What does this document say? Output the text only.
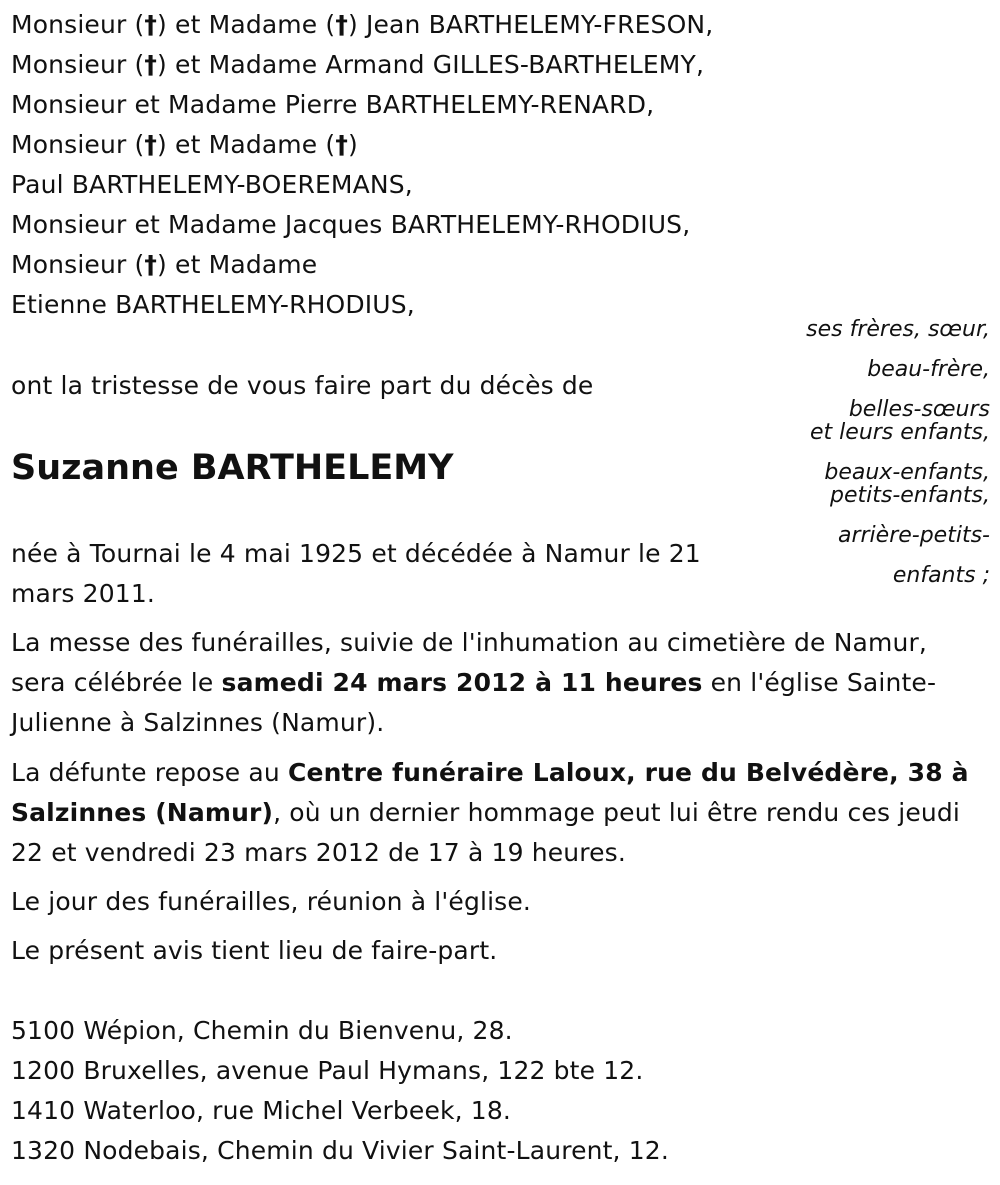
Monsieur (†) et Madame (†) Jean BARTHELEMY-FRESON,
Monsieur (†) et Madame Armand GILLES-BARTHELEMY,
Monsieur et Madame Pierre BARTHELEMY-RENARD,
Monsieur (†) et Madame (†)
Paul BARTHELEMY-BOEREMANS,
Monsieur et Madame Jacques BARTHELEMY-RHODIUS,
Monsieur (†) et Madame
Etienne BARTHELEMY-RHODIUS,
ses frères, sœur,
beau-frère,
belles-sœurs
et leurs enfants,
beaux-enfants,
petits-enfants,
arrière-petits-
enfants ;
ont la tristesse de vous faire part du décès de
Suzanne BARTHELEMY
née à Tournai le 4 mai 1925 et décédée à Namur le 21
mars 2011.
La messe des funérailles, suivie de l'inhumation au cimetière de Namur, sera célébrée le samedi 24 mars 2012 à 11 heures en l'église Sainte-Julienne à Salzinnes (Namur).
La défunte repose au Centre funéraire Laloux, rue du Belvédère, 38 à Salzinnes (Namur), où un dernier hommage peut lui être rendu ces jeudi 22 et vendredi 23 mars 2012 de 17 à 19 heures.
Le jour des funérailles, réunion à l'église.
Le présent avis tient lieu de faire-part.
5100 Wépion, Chemin du Bienvenu, 28.
1200 Bruxelles, avenue Paul Hymans, 122 bte 12.
1410 Waterloo, rue Michel Verbeek, 18.
1320 Nodebais, Chemin du Vivier Saint-Laurent, 12.
